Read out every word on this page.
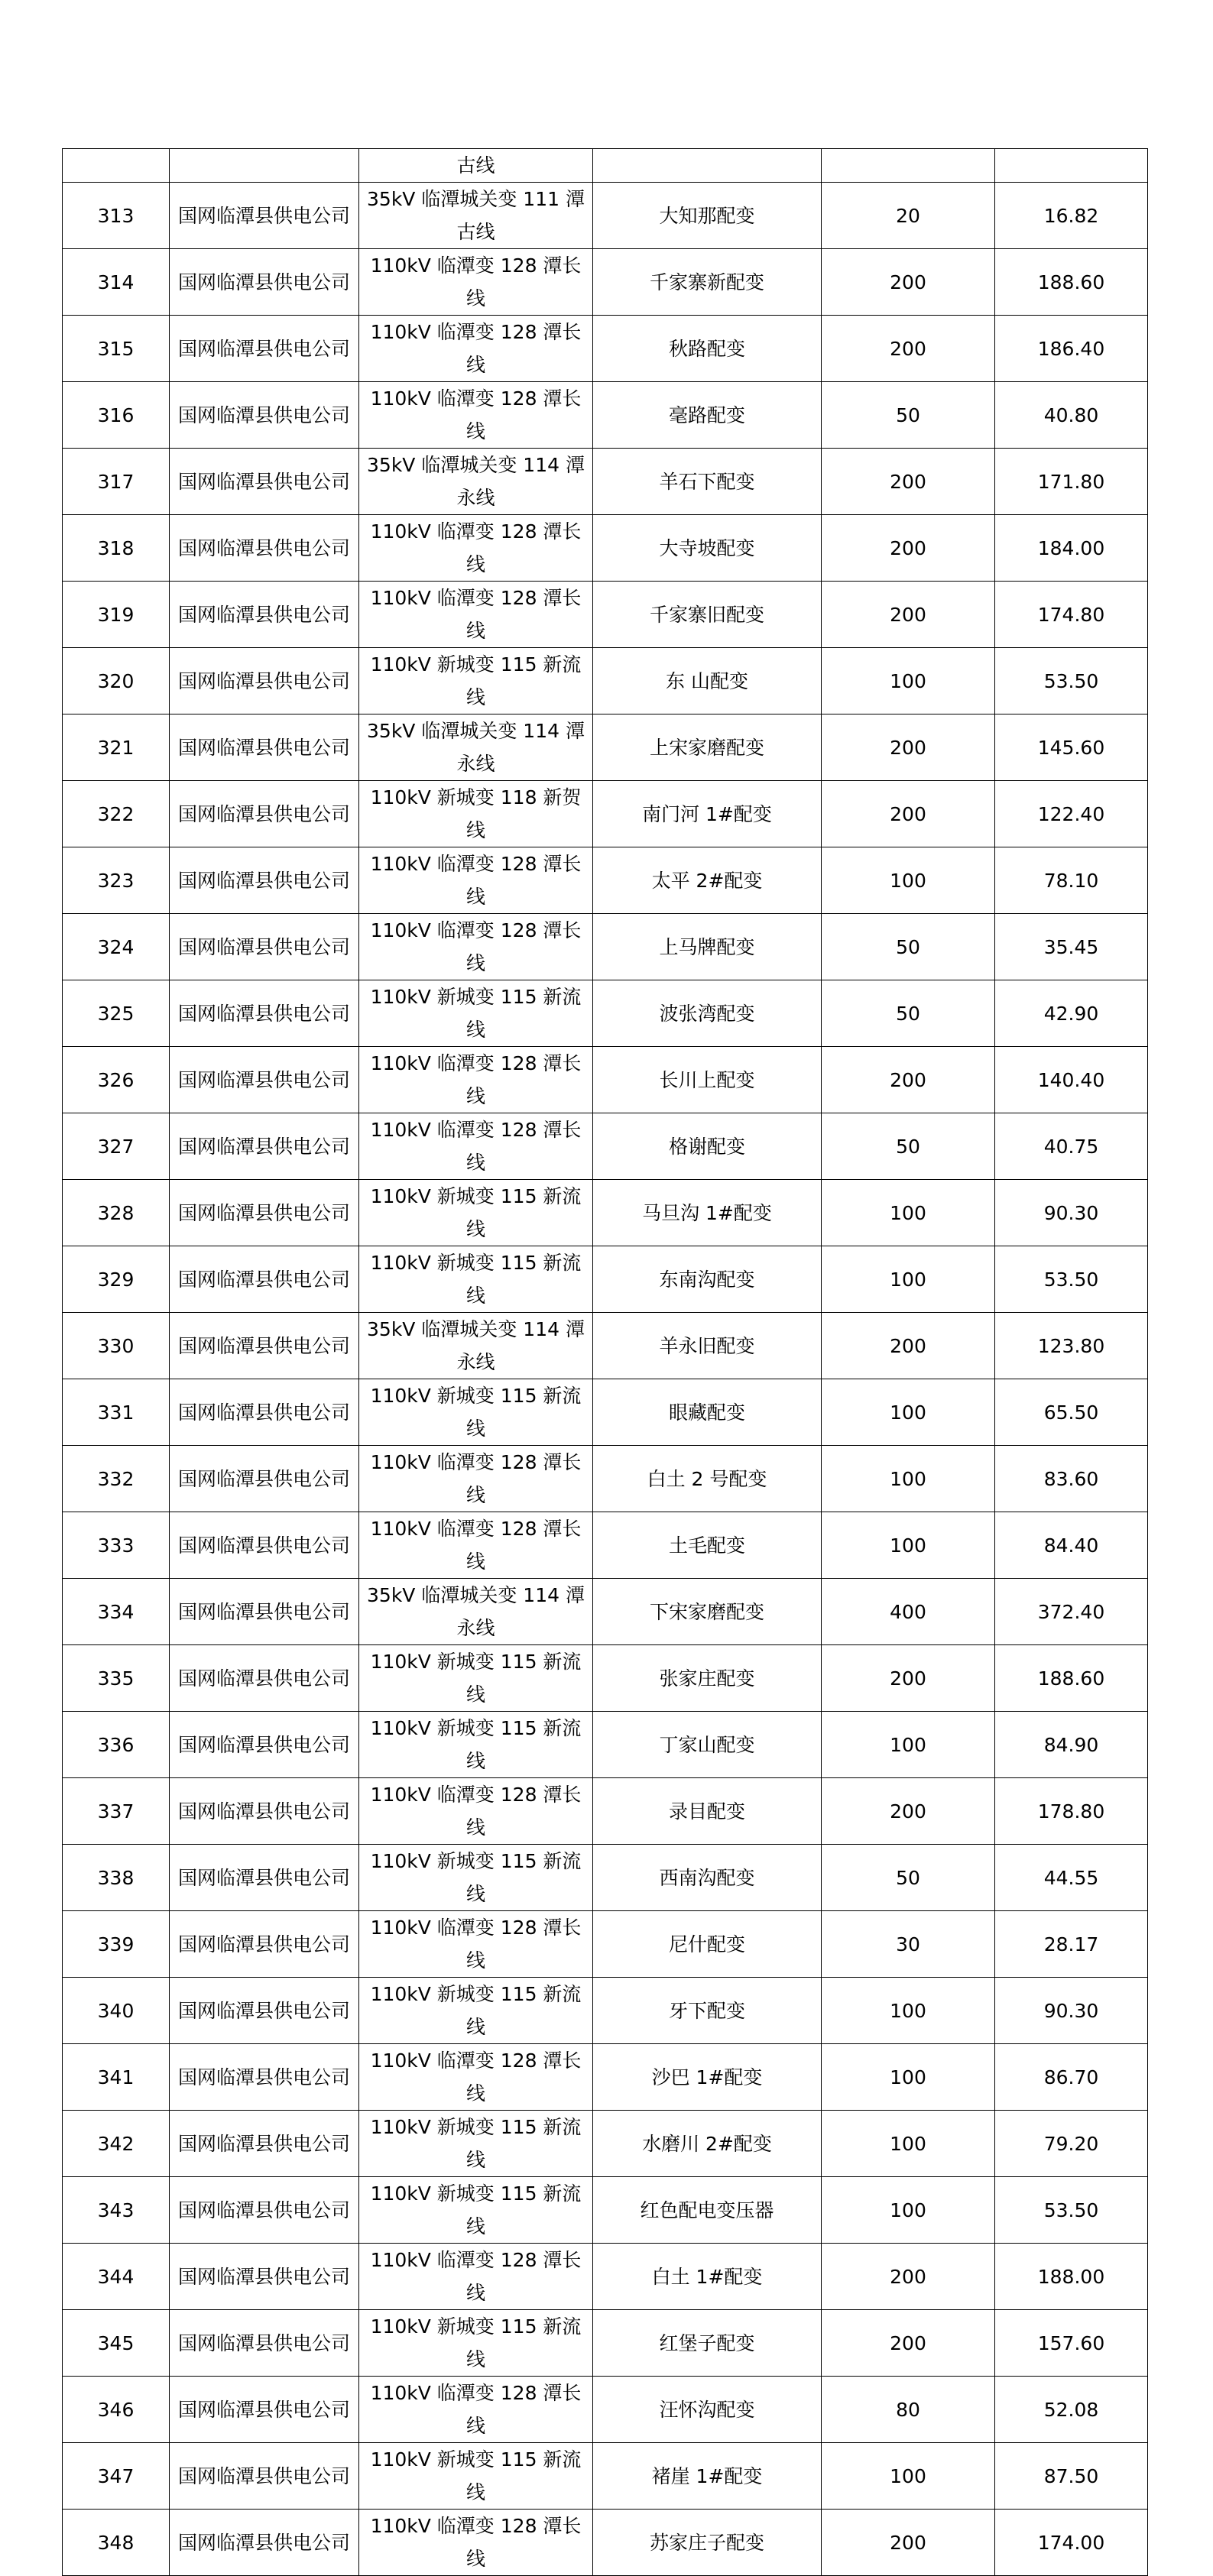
		古线			
313	国网临潭县供电公司	35kV 临潭城关变 111 潭古线	大知那配变	20	16.82
314	国网临潭县供电公司	110kV 临潭变 128 潭长线	千家寨新配变	200	188.60
315	国网临潭县供电公司	110kV 临潭变 128 潭长线	秋路配变	200	186.40
316	国网临潭县供电公司	110kV 临潭变 128 潭长线	毫路配变	50	40.80
317	国网临潭县供电公司	35kV 临潭城关变 114 潭永线	羊石下配变	200	171.80
318	国网临潭县供电公司	110kV 临潭变 128 潭长线	大寺坡配变	200	184.00
319	国网临潭县供电公司	110kV 临潭变 128 潭长线	千家寨旧配变	200	174.80
320	国网临潭县供电公司	110kV 新城变 115 新流线	东 山配变	100	53.50
321	国网临潭县供电公司	35kV 临潭城关变 114 潭永线	上宋家磨配变	200	145.60
322	国网临潭县供电公司	110kV 新城变 118 新贺线	南门河 1#配变	200	122.40
323	国网临潭县供电公司	110kV 临潭变 128 潭长线	太平 2#配变	100	78.10
324	国网临潭县供电公司	110kV 临潭变 128 潭长线	上马牌配变	50	35.45
325	国网临潭县供电公司	110kV 新城变 115 新流线	波张湾配变	50	42.90
326	国网临潭县供电公司	110kV 临潭变 128 潭长线	长川上配变	200	140.40
327	国网临潭县供电公司	110kV 临潭变 128 潭长线	格谢配变	50	40.75
328	国网临潭县供电公司	110kV 新城变 115 新流线	马旦沟 1#配变	100	90.30
329	国网临潭县供电公司	110kV 新城变 115 新流线	东南沟配变	100	53.50
330	国网临潭县供电公司	35kV 临潭城关变 114 潭永线	羊永旧配变	200	123.80
331	国网临潭县供电公司	110kV 新城变 115 新流线	眼藏配变	100	65.50
332	国网临潭县供电公司	110kV 临潭变 128 潭长线	白土 2 号配变	100	83.60
333	国网临潭县供电公司	110kV 临潭变 128 潭长线	土毛配变	100	84.40
334	国网临潭县供电公司	35kV 临潭城关变 114 潭永线	下宋家磨配变	400	372.40
335	国网临潭县供电公司	110kV 新城变 115 新流线	张家庄配变	200	188.60
336	国网临潭县供电公司	110kV 新城变 115 新流线	丁家山配变	100	84.90
337	国网临潭县供电公司	110kV 临潭变 128 潭长线	录目配变	200	178.80
338	国网临潭县供电公司	110kV 新城变 115 新流线	西南沟配变	50	44.55
339	国网临潭县供电公司	110kV 临潭变 128 潭长线	尼什配变	30	28.17
340	国网临潭县供电公司	110kV 新城变 115 新流线	牙下配变	100	90.30
341	国网临潭县供电公司	110kV 临潭变 128 潭长线	沙巴 1#配变	100	86.70
342	国网临潭县供电公司	110kV 新城变 115 新流线	水磨川 2#配变	100	79.20
343	国网临潭县供电公司	110kV 新城变 115 新流线	红色配电变压器	100	53.50
344	国网临潭县供电公司	110kV 临潭变 128 潭长线	白土 1#配变	200	188.00
345	国网临潭县供电公司	110kV 新城变 115 新流线	红堡子配变	200	157.60
346	国网临潭县供电公司	110kV 临潭变 128 潭长线	汪怀沟配变	80	52.08
347	国网临潭县供电公司	110kV 新城变 115 新流线	褚崖 1#配变	100	87.50
348	国网临潭县供电公司	110kV 临潭变 128 潭长线	苏家庄子配变	200	174.00
